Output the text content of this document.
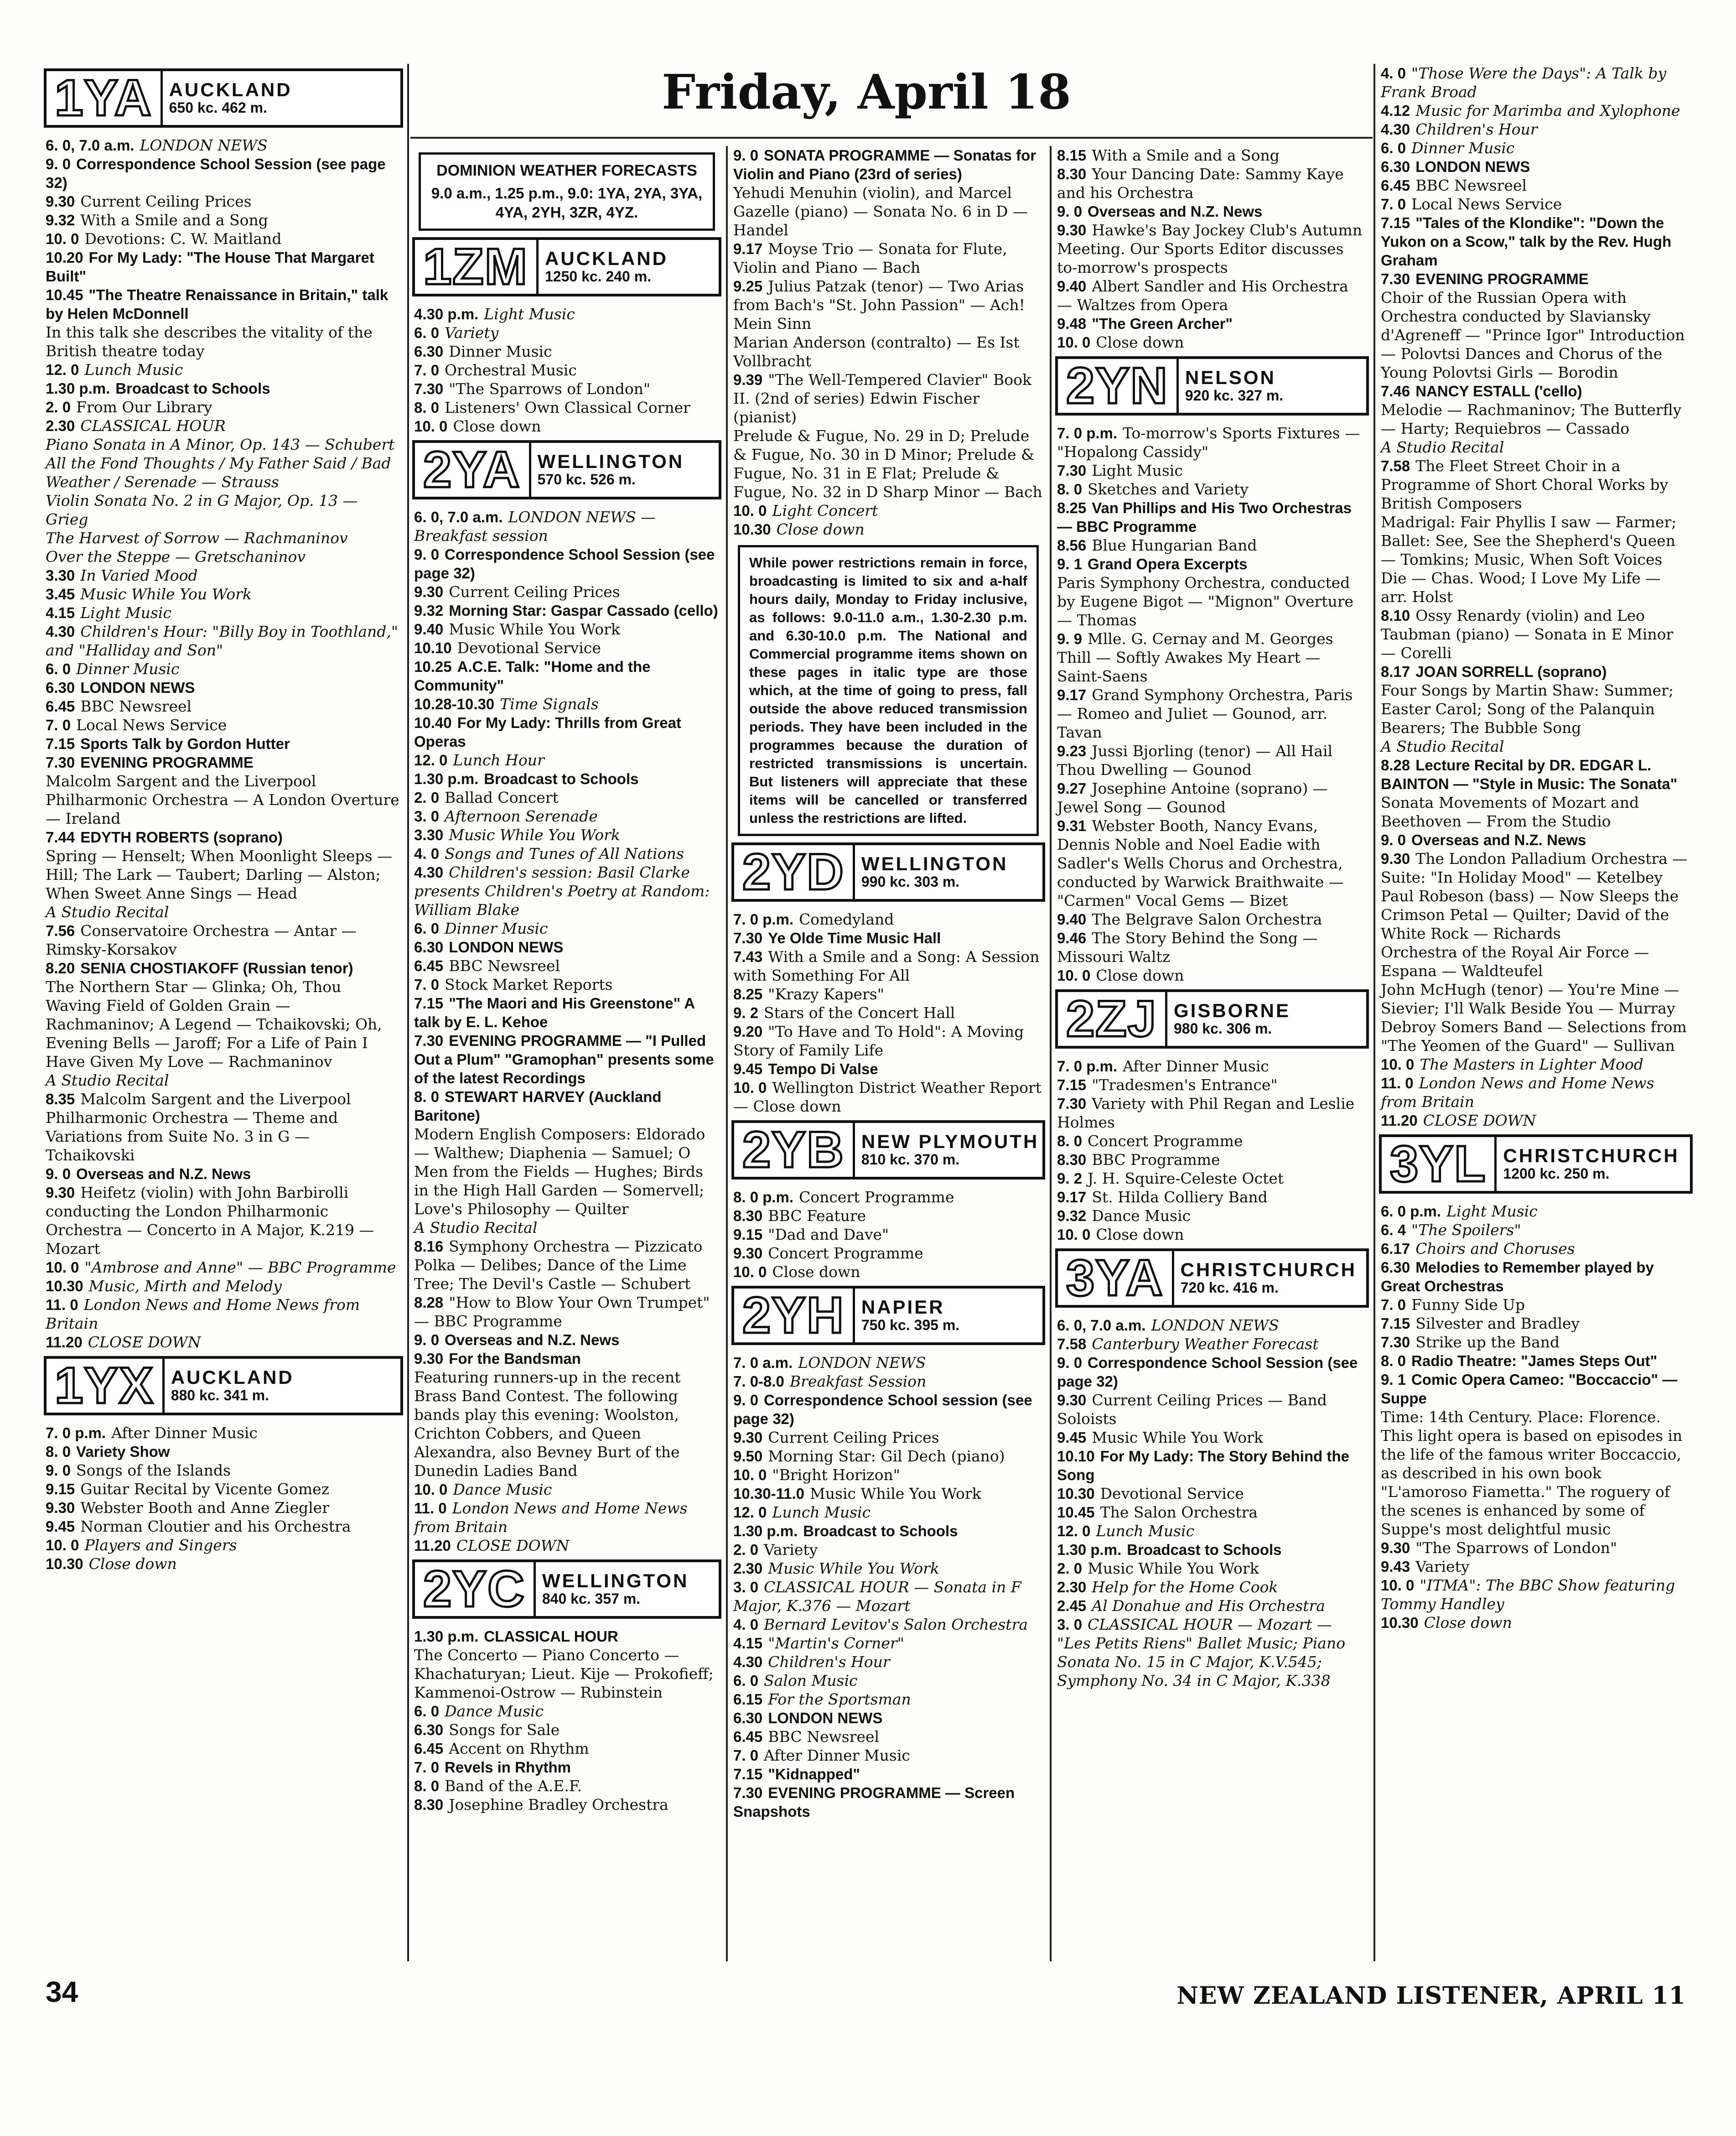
Friday, April 18
1YA AUCKLAND
650 kc. 462 m.
6. 0, 7.0 a.m. LONDON NEWS
9. 0 Correspondence School Session (see page 32)
9.30 Current Ceiling Prices
9.32 With a Smile and a Song
10. 0 Devotions: C. W. Maitland
10.20 For My Lady: "The House That Margaret Built"
10.45 "The Theatre Renaissance in Britain," talk by Helen McDonnell
In this talk she describes the vitality of the British theatre today
12. 0 Lunch Music
1.30 p.m. Broadcast to Schools
2. 0 From Our Library
2.30 CLASSICAL HOUR
Piano Sonata in A Minor, Op. 143 — Schubert
All the Fond Thoughts / My Father Said / Bad Weather / Serenade — Strauss
Violin Sonata No. 2 in G Major, Op. 13 — Grieg
The Harvest of Sorrow — Rachmaninov
Over the Steppe — Gretschaninov
3.30 In Varied Mood
3.45 Music While You Work
4.15 Light Music
4.30 Children's Hour: "Billy Boy in Toothland," and "Halliday and Son"
6. 0 Dinner Music
6.30 LONDON NEWS
6.45 BBC Newsreel
7. 0 Local News Service
7.15 Sports Talk by Gordon Hutter
7.30 EVENING PROGRAMME
Malcolm Sargent and the Liverpool Philharmonic Orchestra — A London Overture — Ireland
7.44 EDYTH ROBERTS (soprano)
Spring — Henselt; When Moonlight Sleeps — Hill; The Lark — Taubert; Darling — Alston; When Sweet Anne Sings — Head
A Studio Recital
7.56 Conservatoire Orchestra — Antar — Rimsky-Korsakov
8.20 SENIA CHOSTIAKOFF (Russian tenor)
The Northern Star — Glinka; Oh, Thou Waving Field of Golden Grain — Rachmaninov; A Legend — Tchaikovski; Oh, Evening Bells — Jaroff; For a Life of Pain I Have Given My Love — Rachmaninov
A Studio Recital
8.35 Malcolm Sargent and the Liverpool Philharmonic Orchestra — Theme and Variations from Suite No. 3 in G — Tchaikovski
9. 0 Overseas and N.Z. News
9.30 Heifetz (violin) with John Barbirolli conducting the London Philharmonic Orchestra — Concerto in A Major, K.219 — Mozart
10. 0 "Ambrose and Anne" — BBC Programme
10.30 Music, Mirth and Melody
11. 0 London News and Home News from Britain
11.20 CLOSE DOWN
1YX AUCKLAND
880 kc. 341 m.
7. 0 p.m. After Dinner Music
8. 0 Variety Show
9. 0 Songs of the Islands
9.15 Guitar Recital by Vicente Gomez
9.30 Webster Booth and Anne Ziegler
9.45 Norman Cloutier and his Orchestra
10. 0 Players and Singers
10.30 Close down
DOMINION WEATHER FORECASTS
9.0 a.m., 1.25 p.m., 9.0: 1YA, 2YA, 3YA, 4YA, 2YH, 3ZR, 4YZ.
1ZM AUCKLAND
1250 kc. 240 m.
4.30 p.m. Light Music
6. 0 Variety
6.30 Dinner Music
7. 0 Orchestral Music
7.30 "The Sparrows of London"
8. 0 Listeners' Own Classical Corner
10. 0 Close down
2YA WELLINGTON
570 kc. 526 m.
6. 0, 7.0 a.m. LONDON NEWS — Breakfast session
9. 0 Correspondence School Session (see page 32)
9.30 Current Ceiling Prices
9.32 Morning Star: Gaspar Cassado (cello)
9.40 Music While You Work
10.10 Devotional Service
10.25 A.C.E. Talk: "Home and the Community"
10.28-10.30 Time Signals
10.40 For My Lady: Thrills from Great Operas
12. 0 Lunch Hour
1.30 p.m. Broadcast to Schools
2. 0 Ballad Concert
3. 0 Afternoon Serenade
3.30 Music While You Work
4. 0 Songs and Tunes of All Nations
4.30 Children's session: Basil Clarke presents Children's Poetry at Random: William Blake
6. 0 Dinner Music
6.30 LONDON NEWS
6.45 BBC Newsreel
7. 0 Stock Market Reports
7.15 "The Maori and His Greenstone" A talk by E. L. Kehoe
7.30 EVENING PROGRAMME — "I Pulled Out a Plum" "Gramophan" presents some of the latest Recordings
8. 0 STEWART HARVEY (Auckland Baritone)
Modern English Composers: Eldorado — Walthew; Diaphenia — Samuel; O Men from the Fields — Hughes; Birds in the High Hall Garden — Somervell; Love's Philosophy — Quilter
A Studio Recital
8.16 Symphony Orchestra — Pizzicato Polka — Delibes; Dance of the Lime Tree; The Devil's Castle — Schubert
8.28 "How to Blow Your Own Trumpet" — BBC Programme
9. 0 Overseas and N.Z. News
9.30 For the Bandsman
Featuring runners-up in the recent Brass Band Contest. The following bands play this evening: Woolston, Crichton Cobbers, and Queen Alexandra, also Bevney Burt of the Dunedin Ladies Band
10. 0 Dance Music
11. 0 London News and Home News from Britain
11.20 CLOSE DOWN
2YC WELLINGTON
840 kc. 357 m.
1.30 p.m. CLASSICAL HOUR
The Concerto — Piano Concerto — Khachaturyan; Lieut. Kije — Prokofieff; Kammenoi-Ostrow — Rubinstein
6. 0 Dance Music
6.30 Songs for Sale
6.45 Accent on Rhythm
7. 0 Revels in Rhythm
8. 0 Band of the A.E.F.
8.30 Josephine Bradley Orchestra
9. 0 SONATA PROGRAMME — Sonatas for Violin and Piano (23rd of series)
Yehudi Menuhin (violin), and Marcel Gazelle (piano) — Sonata No. 6 in D — Handel
9.17 Moyse Trio — Sonata for Flute, Violin and Piano — Bach
9.25 Julius Patzak (tenor) — Two Arias from Bach's "St. John Passion" — Ach! Mein Sinn
Marian Anderson (contralto) — Es Ist Vollbracht
9.39 "The Well-Tempered Clavier" Book II. (2nd of series) Edwin Fischer (pianist)
Prelude & Fugue, No. 29 in D; Prelude & Fugue, No. 30 in D Minor; Prelude & Fugue, No. 31 in E Flat; Prelude & Fugue, No. 32 in D Sharp Minor — Bach
10. 0 Light Concert
10.30 Close down
While power restrictions remain in force, broadcasting is limited to six and a-half hours daily, Monday to Friday inclusive, as follows: 9.0-11.0 a.m., 1.30-2.30 p.m. and 6.30-10.0 p.m. The National and Commercial programme items shown on these pages in italic type are those which, at the time of going to press, fall outside the above reduced transmission periods. They have been included in the programmes because the duration of restricted transmissions is uncertain. But listeners will appreciate that these items will be cancelled or transferred unless the restrictions are lifted.
2YD WELLINGTON
990 kc. 303 m.
7. 0 p.m. Comedyland
7.30 Ye Olde Time Music Hall
7.43 With a Smile and a Song: A Session with Something For All
8.25 "Krazy Kapers"
9. 2 Stars of the Concert Hall
9.20 "To Have and To Hold": A Moving Story of Family Life
9.45 Tempo Di Valse
10. 0 Wellington District Weather Report — Close down
2YB NEW PLYMOUTH
810 kc. 370 m.
8. 0 p.m. Concert Programme
8.30 BBC Feature
9.15 "Dad and Dave"
9.30 Concert Programme
10. 0 Close down
2YH NAPIER
750 kc. 395 m.
7. 0 a.m. LONDON NEWS
7. 0-8.0 Breakfast Session
9. 0 Correspondence School session (see page 32)
9.30 Current Ceiling Prices
9.50 Morning Star: Gil Dech (piano)
10. 0 "Bright Horizon"
10.30-11.0 Music While You Work
12. 0 Lunch Music
1.30 p.m. Broadcast to Schools
2. 0 Variety
2.30 Music While You Work
3. 0 CLASSICAL HOUR — Sonata in F Major, K.376 — Mozart
4. 0 Bernard Levitov's Salon Orchestra
4.15 "Martin's Corner"
4.30 Children's Hour
6. 0 Salon Music
6.15 For the Sportsman
6.30 LONDON NEWS
6.45 BBC Newsreel
7. 0 After Dinner Music
7.15 "Kidnapped"
7.30 EVENING PROGRAMME — Screen Snapshots
8.15 With a Smile and a Song
8.30 Your Dancing Date: Sammy Kaye and his Orchestra
9. 0 Overseas and N.Z. News
9.30 Hawke's Bay Jockey Club's Autumn Meeting. Our Sports Editor discusses to-morrow's prospects
9.40 Albert Sandler and His Orchestra — Waltzes from Opera
9.48 "The Green Archer"
10. 0 Close down
2YN NELSON
920 kc. 327 m.
7. 0 p.m. To-morrow's Sports Fixtures — "Hopalong Cassidy"
7.30 Light Music
8. 0 Sketches and Variety
8.25 Van Phillips and His Two Orchestras — BBC Programme
8.56 Blue Hungarian Band
9. 1 Grand Opera Excerpts
Paris Symphony Orchestra, conducted by Eugene Bigot — "Mignon" Overture — Thomas
9. 9 Mlle. G. Cernay and M. Georges Thill — Softly Awakes My Heart — Saint-Saens
9.17 Grand Symphony Orchestra, Paris — Romeo and Juliet — Gounod, arr. Tavan
9.23 Jussi Bjorling (tenor) — All Hail Thou Dwelling — Gounod
9.27 Josephine Antoine (soprano) — Jewel Song — Gounod
9.31 Webster Booth, Nancy Evans, Dennis Noble and Noel Eadie with Sadler's Wells Chorus and Orchestra, conducted by Warwick Braithwaite — "Carmen" Vocal Gems — Bizet
9.40 The Belgrave Salon Orchestra
9.46 The Story Behind the Song — Missouri Waltz
10. 0 Close down
2ZJ GISBORNE
980 kc. 306 m.
7. 0 p.m. After Dinner Music
7.15 "Tradesmen's Entrance"
7.30 Variety with Phil Regan and Leslie Holmes
8. 0 Concert Programme
8.30 BBC Programme
9. 2 J. H. Squire-Celeste Octet
9.17 St. Hilda Colliery Band
9.32 Dance Music
10. 0 Close down
3YA CHRISTCHURCH
720 kc. 416 m.
6. 0, 7.0 a.m. LONDON NEWS
7.58 Canterbury Weather Forecast
9. 0 Correspondence School Session (see page 32)
9.30 Current Ceiling Prices — Band Soloists
9.45 Music While You Work
10.10 For My Lady: The Story Behind the Song
10.30 Devotional Service
10.45 The Salon Orchestra
12. 0 Lunch Music
1.30 p.m. Broadcast to Schools
2. 0 Music While You Work
2.30 Help for the Home Cook
2.45 Al Donahue and His Orchestra
3. 0 CLASSICAL HOUR — Mozart — "Les Petits Riens" Ballet Music; Piano Sonata No. 15 in C Major, K.V.545; Symphony No. 34 in C Major, K.338
4. 0 "Those Were the Days": A Talk by Frank Broad
4.12 Music for Marimba and Xylophone
4.30 Children's Hour
6. 0 Dinner Music
6.30 LONDON NEWS
6.45 BBC Newsreel
7. 0 Local News Service
7.15 "Tales of the Klondike": "Down the Yukon on a Scow," talk by the Rev. Hugh Graham
7.30 EVENING PROGRAMME
Choir of the Russian Opera with Orchestra conducted by Slaviansky d'Agreneff — "Prince Igor" Introduction — Polovtsi Dances and Chorus of the Young Polovtsi Girls — Borodin
7.46 NANCY ESTALL ('cello)
Melodie — Rachmaninov; The Butterfly — Harty; Requiebros — Cassado
A Studio Recital
7.58 The Fleet Street Choir in a Programme of Short Choral Works by British Composers
Madrigal: Fair Phyllis I saw — Farmer; Ballet: See, See the Shepherd's Queen — Tomkins; Music, When Soft Voices Die — Chas. Wood; I Love My Life — arr. Holst
8.10 Ossy Renardy (violin) and Leo Taubman (piano) — Sonata in E Minor — Corelli
8.17 JOAN SORRELL (soprano)
Four Songs by Martin Shaw: Summer; Easter Carol; Song of the Palanquin Bearers; The Bubble Song
A Studio Recital
8.28 Lecture Recital by DR. EDGAR L. BAINTON — "Style in Music: The Sonata"
Sonata Movements of Mozart and Beethoven — From the Studio
9. 0 Overseas and N.Z. News
9.30 The London Palladium Orchestra — Suite: "In Holiday Mood" — Ketelbey
Paul Robeson (bass) — Now Sleeps the Crimson Petal — Quilter; David of the White Rock — Richards
Orchestra of the Royal Air Force — Espana — Waldteufel
John McHugh (tenor) — You're Mine — Sievier; I'll Walk Beside You — Murray
Debroy Somers Band — Selections from "The Yeomen of the Guard" — Sullivan
10. 0 The Masters in Lighter Mood
11. 0 London News and Home News from Britain
11.20 CLOSE DOWN
3YL CHRISTCHURCH
1200 kc. 250 m.
6. 0 p.m. Light Music
6. 4 "The Spoilers"
6.17 Choirs and Choruses
6.30 Melodies to Remember played by Great Orchestras
7. 0 Funny Side Up
7.15 Silvester and Bradley
7.30 Strike up the Band
8. 0 Radio Theatre: "James Steps Out"
9. 1 Comic Opera Cameo: "Boccaccio" — Suppe
Time: 14th Century. Place: Florence. This light opera is based on episodes in the life of the famous writer Boccaccio, as described in his own book "L'amoroso Fiametta." The roguery of the scenes is enhanced by some of Suppe's most delightful music
9.30 "The Sparrows of London"
9.43 Variety
10. 0 "ITMA": The BBC Show featuring Tommy Handley
10.30 Close down
34	NEW ZEALAND LISTENER, APRIL 11
